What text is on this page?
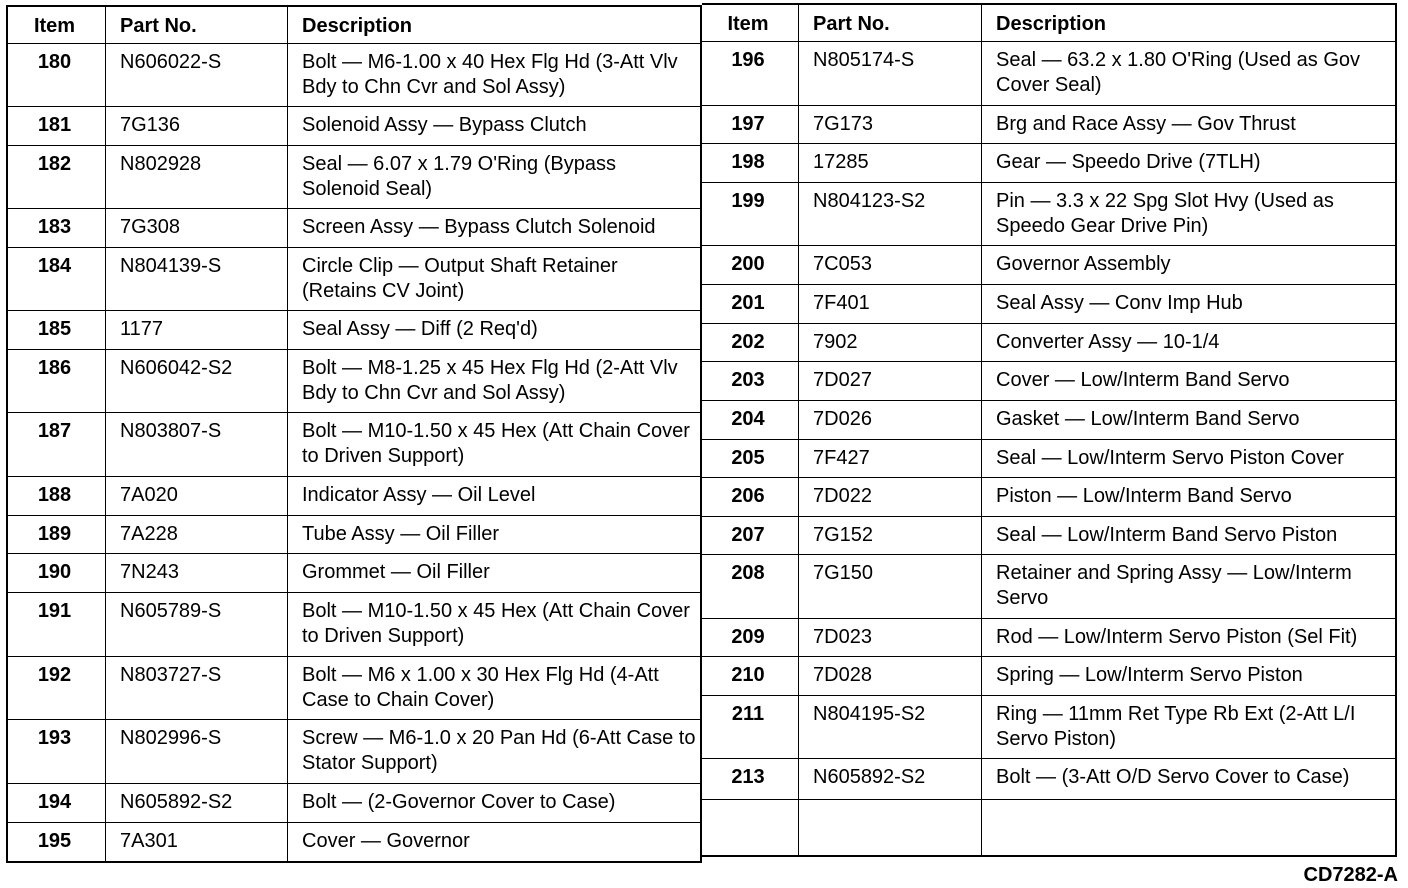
Item	Part No.	Description
180	N606022-S	Bolt — M6-1.00 x 40 Hex Flg Hd (3-Att Vlv Bdy to Chn Cvr and Sol Assy)
181	7G136	Solenoid Assy — Bypass Clutch
182	N802928	Seal — 6.07 x 1.79 O'Ring (Bypass Solenoid Seal)
183	7G308	Screen Assy — Bypass Clutch Solenoid
184	N804139-S	Circle Clip — Output Shaft Retainer (Retains CV Joint)
185	1177	Seal Assy — Diff (2 Req'd)
186	N606042-S2	Bolt — M8-1.25 x 45 Hex Flg Hd (2-Att Vlv Bdy to Chn Cvr and Sol Assy)
187	N803807-S	Bolt — M10-1.50 x 45 Hex (Att Chain Cover to Driven Support)
188	7A020	Indicator Assy — Oil Level
189	7A228	Tube Assy — Oil Filler
190	7N243	Grommet — Oil Filler
191	N605789-S	Bolt — M10-1.50 x 45 Hex (Att Chain Cover to Driven Support)
192	N803727-S	Bolt — M6 x 1.00 x 30 Hex Flg Hd (4-Att Case to Chain Cover)
193	N802996-S	Screw — M6-1.0 x 20 Pan Hd (6-Att Case to Stator Support)
194	N605892-S2	Bolt — (2-Governor Cover to Case)
195	7A301	Cover — Governor
Item	Part No.	Description
196	N805174-S	Seal — 63.2 x 1.80 O'Ring (Used as Gov Cover Seal)
197	7G173	Brg and Race Assy — Gov Thrust
198	17285	Gear — Speedo Drive (7TLH)
199	N804123-S2	Pin — 3.3 x 22 Spg Slot Hvy (Used as Speedo Gear Drive Pin)
200	7C053	Governor Assembly
201	7F401	Seal Assy — Conv Imp Hub
202	7902	Converter Assy — 10-1/4
203	7D027	Cover — Low/Interm Band Servo
204	7D026	Gasket — Low/Interm Band Servo
205	7F427	Seal — Low/Interm Servo Piston Cover
206	7D022	Piston — Low/Interm Band Servo
207	7G152	Seal — Low/Interm Band Servo Piston
208	7G150	Retainer and Spring Assy — Low/Interm Servo
209	7D023	Rod — Low/Interm Servo Piston (Sel Fit)
210	7D028	Spring — Low/Interm Servo Piston
211	N804195-S2	Ring — 11mm Ret Type Rb Ext (2-Att L/I Servo Piston)
213	N605892-S2	Bolt — (3-Att O/D Servo Cover to Case)
CD7282-A
